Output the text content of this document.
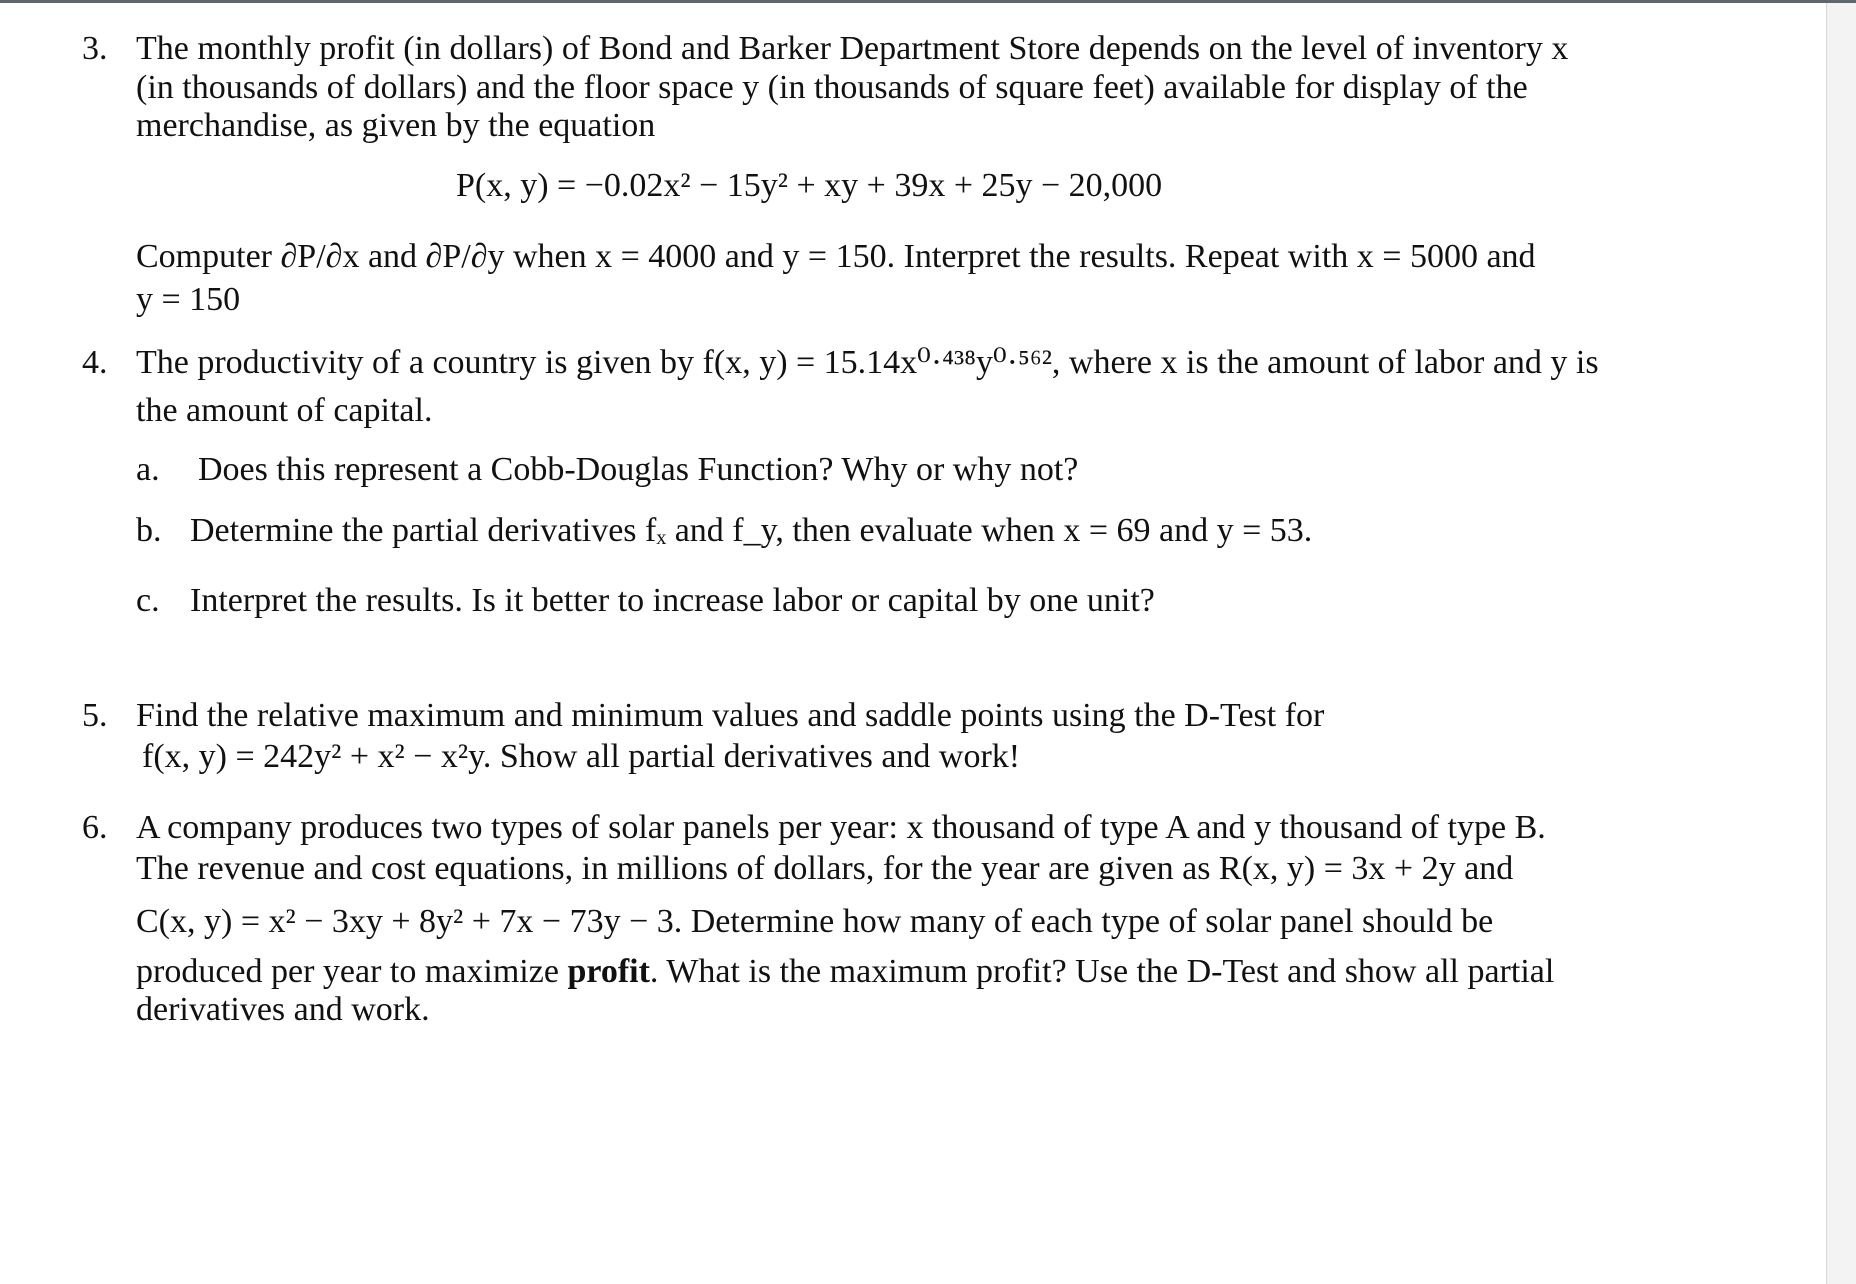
3. The monthly profit (in dollars) of Bond and Barker Department Store depends on the level of inventory x
(in thousands of dollars) and the floor space y (in thousands of square feet) available for display of the
merchandise, as given by the equation
P(x, y) = −0.02x² − 15y² + xy + 39x + 25y − 20,000
Computer ∂P/∂x and ∂P/∂y when x = 4000 and y = 150. Interpret the results. Repeat with x = 5000 and
y = 150
4. The productivity of a country is given by f(x, y) = 15.14x⁰·⁴³⁸y⁰·⁵⁶², where x is the amount of labor and y is
the amount of capital.
a. Does this represent a Cobb-Douglas Function? Why or why not?
b. Determine the partial derivatives fₓ and f_y, then evaluate when x = 69 and y = 53.
c. Interpret the results. Is it better to increase labor or capital by one unit?
5. Find the relative maximum and minimum values and saddle points using the D-Test for
f(x, y) = 242y² + x² − x²y. Show all partial derivatives and work!
6. A company produces two types of solar panels per year: x thousand of type A and y thousand of type B.
The revenue and cost equations, in millions of dollars, for the year are given as R(x, y) = 3x + 2y and
C(x, y) = x² − 3xy + 8y² + 7x − 73y − 3. Determine how many of each type of solar panel should be
produced per year to maximize profit. What is the maximum profit? Use the D-Test and show all partial
derivatives and work.
